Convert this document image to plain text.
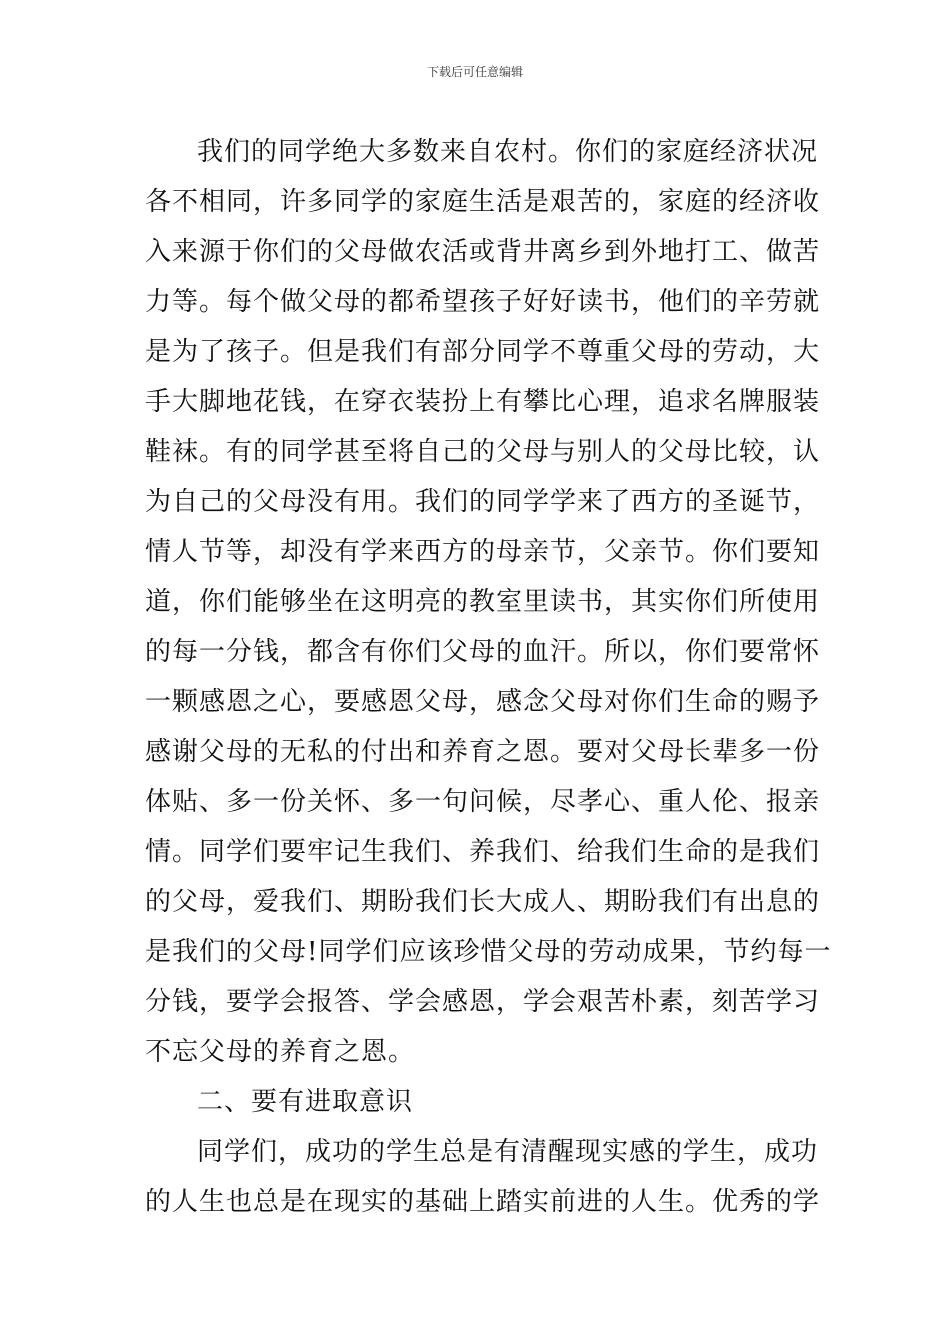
下载后可任意编辑
我们的同学绝大多数来自农村。你们的家庭经济状况
各不相同，许多同学的家庭生活是艰苦的，家庭的经济收
入来源于你们的父母做农活或背井离乡到外地打工、做苦
力等。每个做父母的都希望孩子好好读书，他们的辛劳就
是为了孩子。但是我们有部分同学不尊重父母的劳动，大
手大脚地花钱，在穿衣装扮上有攀比心理，追求名牌服装
鞋袜。有的同学甚至将自己的父母与别人的父母比较，认
为自己的父母没有用。我们的同学学来了西方的圣诞节，
情人节等，却没有学来西方的母亲节，父亲节。你们要知
道，你们能够坐在这明亮的教室里读书，其实你们所使用
的每一分钱，都含有你们父母的血汗。所以，你们要常怀
一颗感恩之心，要感恩父母，感念父母对你们生命的赐予
感谢父母的无私的付出和养育之恩。要对父母长辈多一份
体贴、多一份关怀、多一句问候，尽孝心、重人伦、报亲
情。同学们要牢记生我们、养我们、给我们生命的是我们
的父母，爱我们、期盼我们长大成人、期盼我们有出息的
是我们的父母!同学们应该珍惜父母的劳动成果，节约每一
分钱，要学会报答、学会感恩，学会艰苦朴素，刻苦学习
不忘父母的养育之恩。
二、要有进取意识
同学们，成功的学生总是有清醒现实感的学生，成功
的人生也总是在现实的基础上踏实前进的人生。优秀的学
